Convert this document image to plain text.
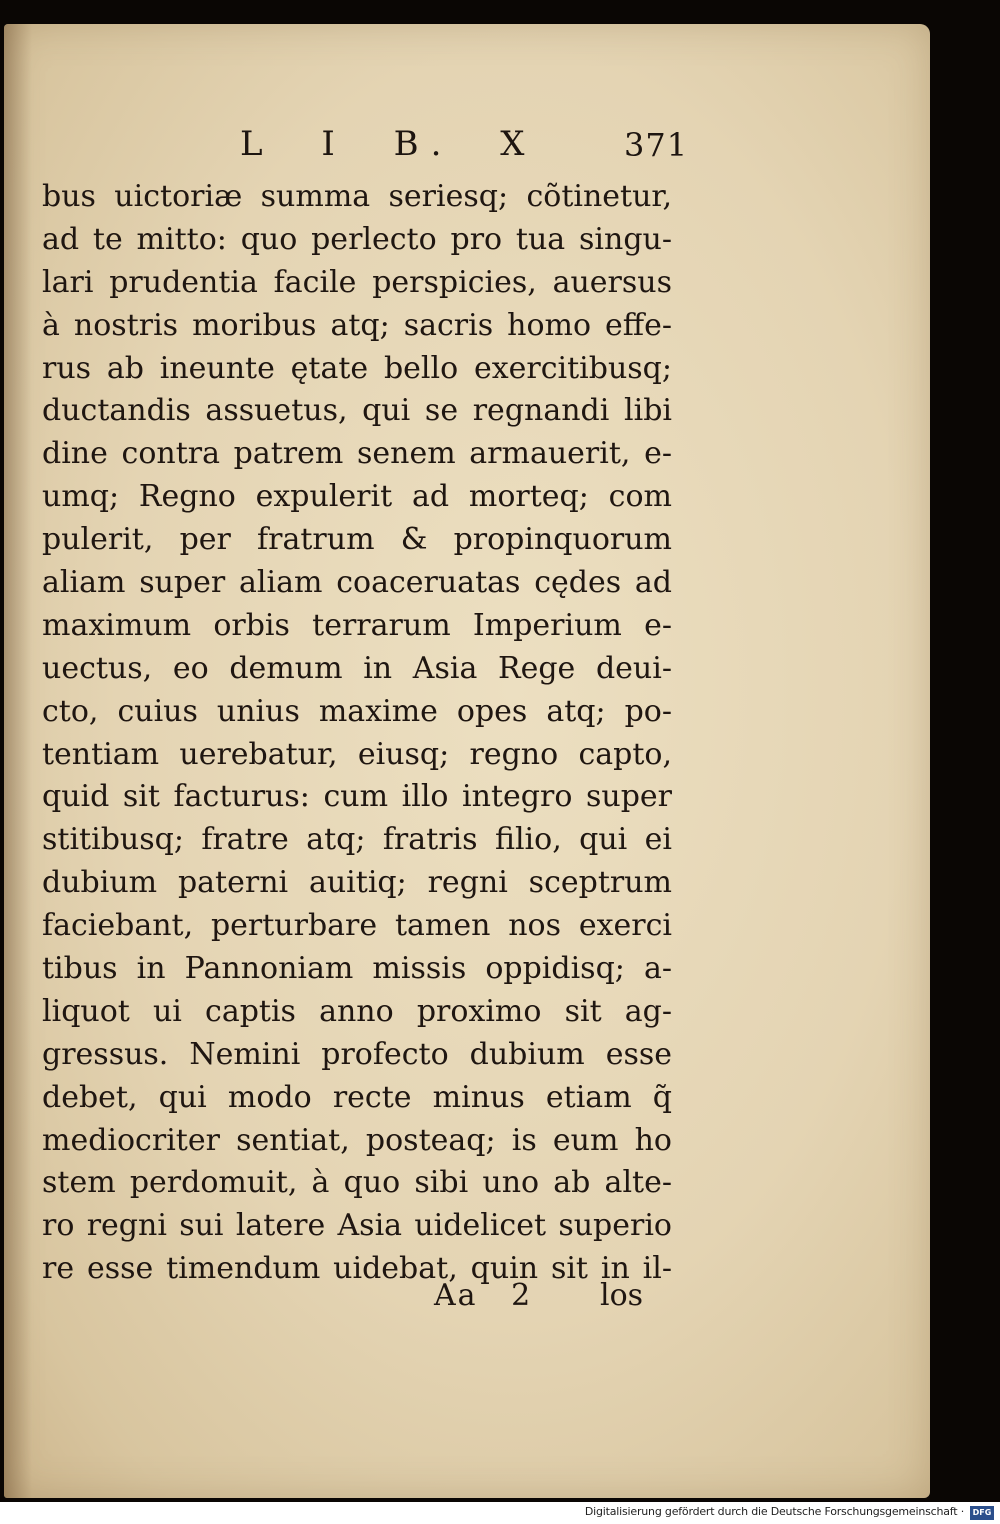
L I B. X	371
bus uictoriæ summa seriesq; cõtinetur,
ad te mitto: quo perlecto pro tua singu-
lari prudentia facile perspicies, auersus
à nostris moribus atq; sacris homo effe-
rus ab ineunte ętate bello exercitibusq;
ductandis assuetus, qui se regnandi libi
dine contra patrem senem armauerit, e-
umq; Regno expulerit ad morteq; com
pulerit, per fratrum & propinquorum
aliam super aliam coaceruatas cędes ad
maximum orbis terrarum Imperium e-
uectus, eo demum in Asia Rege deui-
cto, cuius unius maxime opes atq; po-
tentiam uerebatur, eiusq; regno capto,
quid sit facturus: cum illo integro super
stitibusq; fratre atq; fratris filio, qui ei
dubium paterni auitiq; regni sceptrum
faciebant, perturbare tamen nos exerci
tibus in Pannoniam missis oppidisq; a-
liquot ui captis anno proximo sit ag-
gressus. Nemini profecto dubium esse
debet, qui modo recte minus etiam q̃
mediocriter sentiat, posteaq; is eum ho
stem perdomuit, à quo sibi uno ab alte-
ro regni sui latere Asia uidelicet superio
re esse timendum uidebat, quin sit in il-
Aa 2 los
Digitalisierung gefördert durch die Deutsche Forschungsgemeinschaft ·	DFG
